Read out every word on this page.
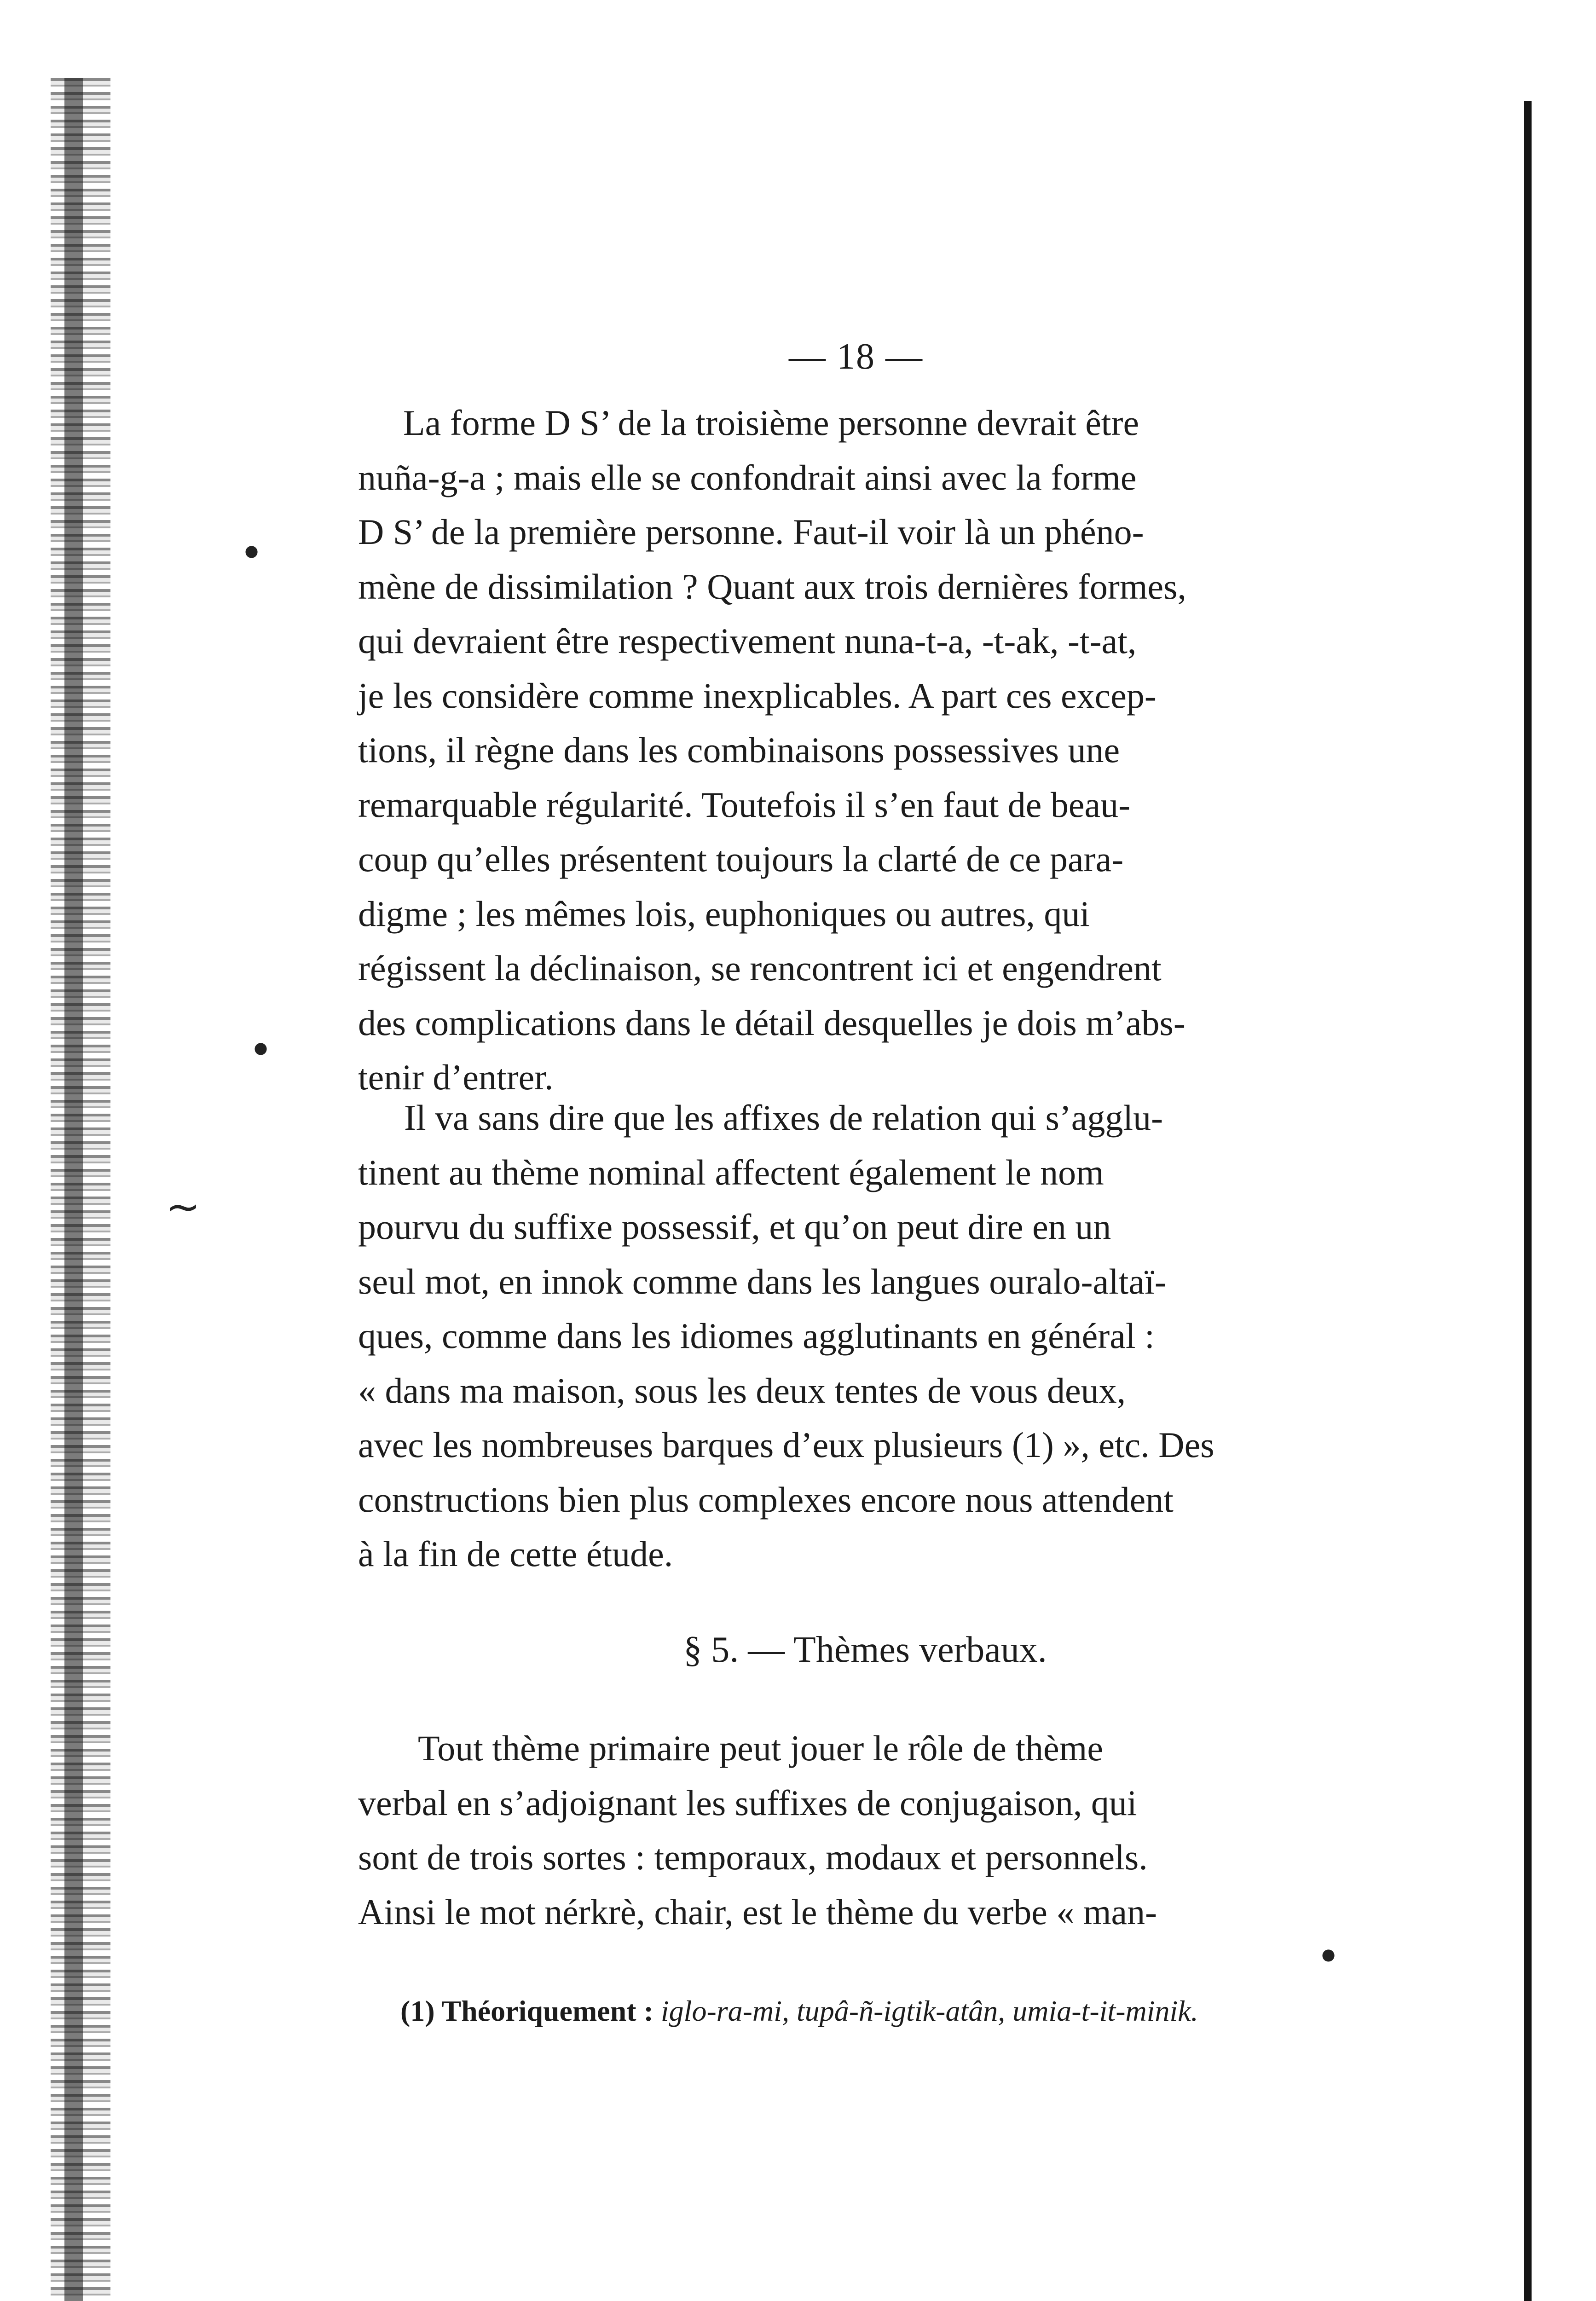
— 18 —

La forme D S’ de la troisième personne devrait être

nuña-g-a ; mais elle se confondrait ainsi avec la forme

D S’ de la première personne. Faut-il voir là un phéno-

mène de dissimilation ? Quant aux trois dernières formes,

qui devraient être respectivement nuna-t-a, -t-ak, -t-at,

je les considère comme inexplicables. A part ces excep-

tions, il règne dans les combinaisons possessives une

remarquable régularité. Toutefois il s’en faut de beau-

coup qu’elles présentent toujours la clarté de ce para-

digme ; les mêmes lois, euphoniques ou autres, qui

régissent la déclinaison, se rencontrent ici et engendrent

des complications dans le détail desquelles je dois m’abs-

tenir d’entrer.

Il va sans dire que les affixes de relation qui s’agglu-

tinent au thème nominal affectent également le nom

pourvu du suffixe possessif, et qu’on peut dire en un

seul mot, en innok comme dans les langues ouralo-altaï-

ques, comme dans les idiomes agglutinants en général :

« dans ma maison, sous les deux tentes de vous deux,

avec les nombreuses barques d’eux plusieurs (1) », etc. Des

constructions bien plus complexes encore nous attendent

à la fin de cette étude.

§ 5. — Thèmes verbaux.

Tout thème primaire peut jouer le rôle de thème

verbal en s’adjoignant les suffixes de conjugaison, qui

sont de trois sortes : temporaux, modaux et personnels.

Ainsi le mot nérkrè, chair, est le thème du verbe « man-

(1) Théoriquement : iglo-ra-mi, tupâ-ñ-igtik-atân, umia-t-it-minik.
•
•
~
•
